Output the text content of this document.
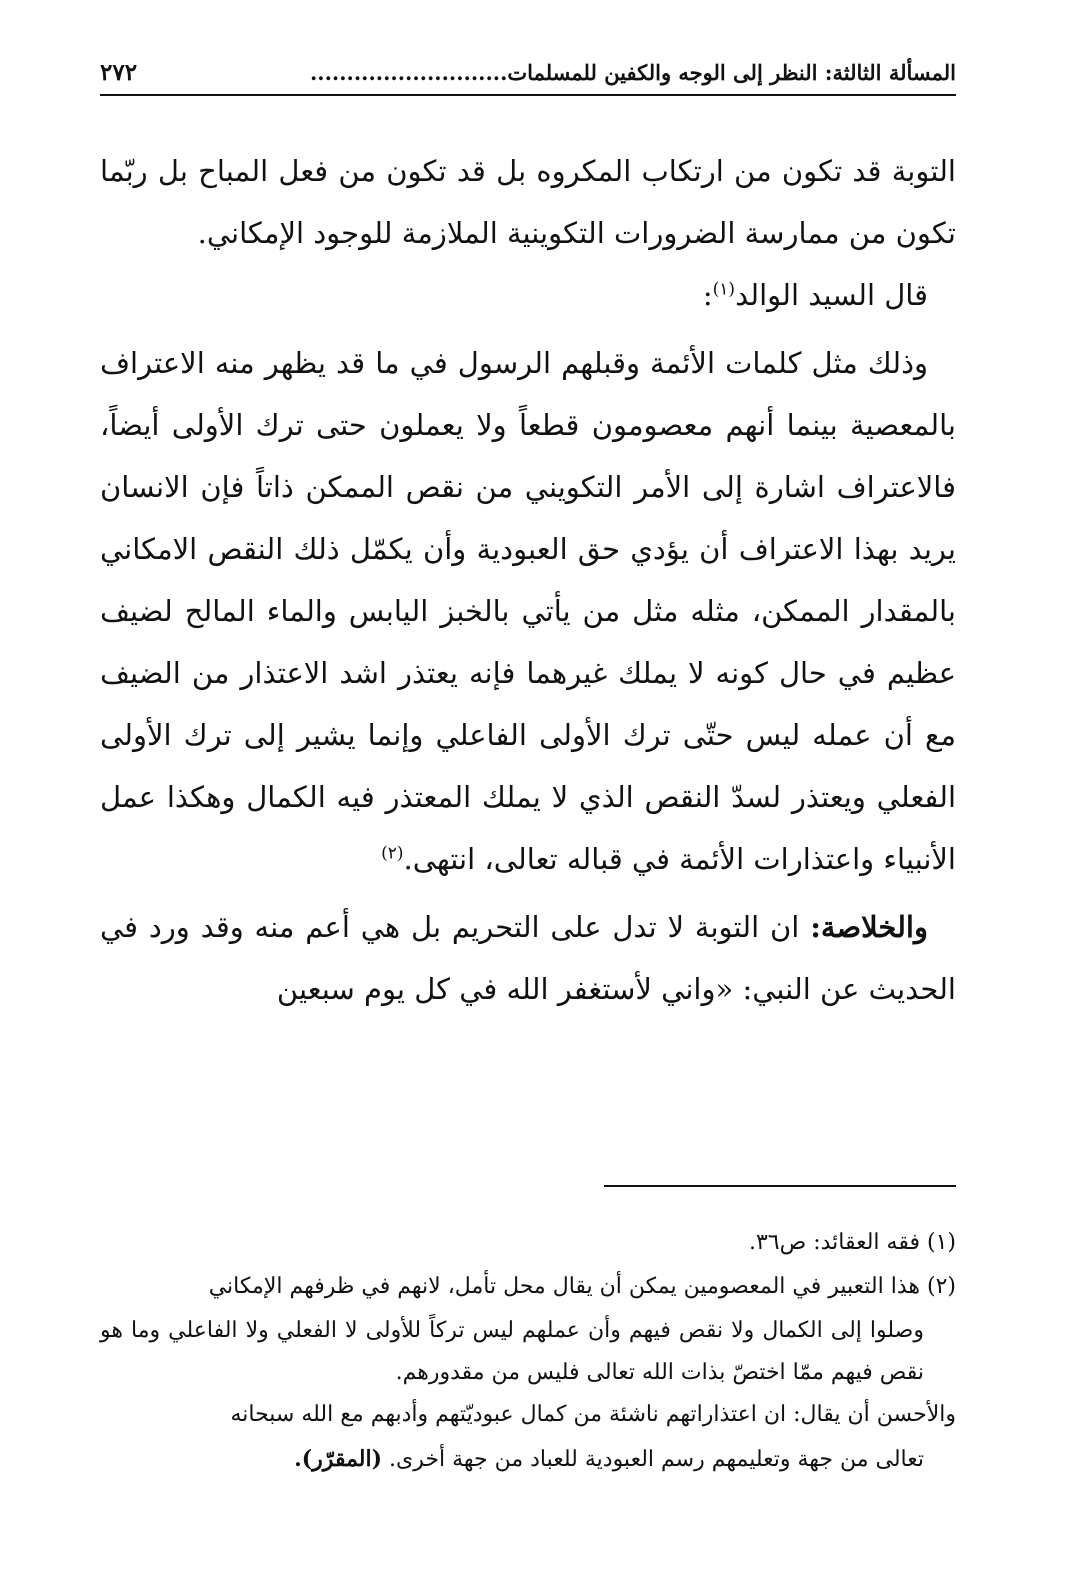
المسألة الثالثة: النظر إلى الوجه والكفين للمسلمات...........................
٢٧٢

التوبة قد تكون من ارتكاب المكروه بل قد تكون من فعل المباح بل ربّما تكون من ممارسة الضرورات التكوينية الملازمة للوجود الإمكاني.

قال السيد الوالد$^{(١)}$:

وذلك مثل كلمات الأئمة وقبلهم الرسول في ما قد يظهر منه الاعتراف بالمعصية بينما أنهم معصومون قطعاً ولا يعملون حتى ترك الأولى أيضاً، فالاعتراف اشارة إلى الأمر التكويني من نقص الممكن ذاتاً فإن الانسان يريد بهذا الاعتراف أن يؤدي حق العبودية وأن يكمّل ذلك النقص الامكاني بالمقدار الممكن، مثله مثل من يأتي بالخبز اليابس والماء المالح لضيف عظيم في حال كونه لا يملك غيرهما فإنه يعتذر اشد الاعتذار من الضيف مع أن عمله ليس حتّى ترك الأولى الفاعلي وإنما يشير إلى ترك الأولى الفعلي ويعتذر لسدّ النقص الذي لا يملك المعتذر فيه الكمال وهكذا عمل الأنبياء واعتذارات الأئمة في قباله تعالى، انتهى.$^{(٢)}$

والخلاصة: ان التوبة لا تدل على التحريم بل هي أعم منه وقد ورد في الحديث عن النبي: «واني لأستغفر الله في كل يوم سبعين

(١) فقه العقائد: ص٣٦.

(٢) هذا التعبير في المعصومين يمكن أن يقال محل تأمل، لانهم في ظرفهم الإمكاني

وصلوا إلى الكمال ولا نقص فيهم وأن عملهم ليس تركاً للأولى لا الفعلي ولا الفاعلي وما هو نقص فيهم ممّا اختصّ بذات الله تعالى فليس من مقدورهم.

والأحسن أن يقال: ان اعتذاراتهم ناشئة من كمال عبوديّتهم وأدبهم مع الله سبحانه

تعالى من جهة وتعليمهم رسم العبودية للعباد من جهة أخرى. (المقرّر).
